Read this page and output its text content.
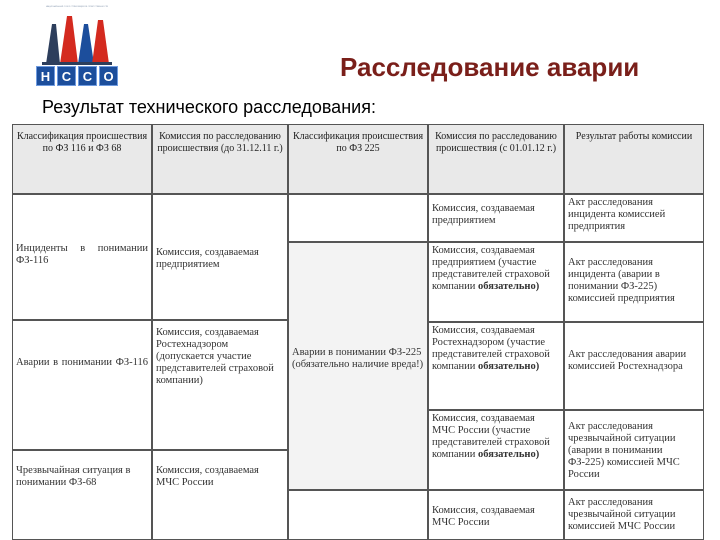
НАЦИОНАЛЬНЫЙ СОЮЗ СТРАХОВЩИКОВ ОТВЕТСТВЕННОСТИ
Н С С О	Расследование аварии
Результат технического расследования:
Классификация происшествия по ФЗ 116 и ФЗ 68
Комиссия по расследованию происшествия (до 31.12.11 г.)
Классификация происшествия по ФЗ 225
Комиссия по расследованию происшествия (с 01.01.12 г.)
Результат работы комиссии
Инциденты в понимании ФЗ-116
Аварии в понимании ФЗ-116
Чрезвычайная ситуация в понимании ФЗ-68
Комиссия, создаваемая предприятием
Комиссия, создаваемая Ростехнадзором (допускается участие представителей страховой компании)
Комиссия, создаваемая МЧС России
Аварии в понимании ФЗ-225 (обязательно наличие вреда!)
Комиссия, создаваемая предприятием
Комиссия, создаваемая предприятием (участие представителей страховой компании обязательно)
Комиссия, создаваемая Ростехнадзором (участие представителей страховой компании обязательно)
Комиссия, создаваемая МЧС России (участие представителей страховой компании обязательно)
Комиссия, создаваемая МЧС России
Акт расследования инцидента комиссией предприятия
Акт расследования инцидента (аварии в понимании ФЗ-225) комиссией предприятия
Акт расследования аварии комиссией Ростехнадзора
Акт расследования чрезвычайной ситуации (аварии в понимании ФЗ-225) комиссией МЧС России
Акт расследования чрезвычайной ситуации комиссией МЧС России
